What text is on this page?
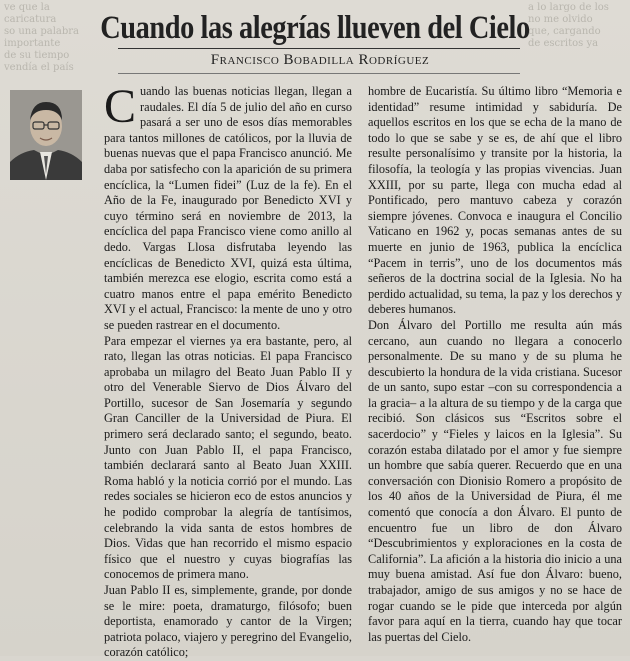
ve que la caricatura
so una palabra
importante
de su tiempo
vendía el país
a lo largo de los
no me olvido
que, cargando
de escritos ya
Cuando las alegrías llueven del Cielo
Francisco Bobadilla Rodríguez

Cuando las buenas noticias llegan, llegan a raudales. El día 5 de julio del año en curso pasará a ser uno de esos días memorables para tantos millones de católicos, por la lluvia de buenas nuevas que el papa Francisco anunció. Me daba por satisfecho con la aparición de su primera encíclica, la “Lumen fidei” (Luz de la fe). En el Año de la Fe, inaugurado por Benedicto XVI y cuyo término será en noviembre de 2013, la encíclica del papa Francisco viene como anillo al dedo. Vargas Llosa disfrutaba leyendo las encíclicas de Benedicto XVI, quizá esta última, también merezca ese elogio, escrita como está a cuatro manos entre el papa emérito Benedicto XVI y el actual, Francisco: la mente de uno y otro se pueden rastrear en el documento.

Para empezar el viernes ya era bastante, pero, al rato, llegan las otras noticias. El papa Francisco aprobaba un milagro del Beato Juan Pablo II y otro del Venerable Siervo de Dios Álvaro del Portillo, sucesor de San Josemaría y segundo Gran Canciller de la Universidad de Piura. El primero será declarado santo; el segundo, beato. Junto con Juan Pablo II, el papa Francisco, también declarará santo al Beato Juan XXIII. Roma habló y la noticia corrió por el mundo. Las redes sociales se hicieron eco de estos anuncios y he podido comprobar la alegría de tantísimos, celebrando la vida santa de estos hombres de Dios. Vidas que han recorrido el mismo espacio físico que el nuestro y cuyas biografías las conocemos de primera mano.

Juan Pablo II es, simplemente, grande, por donde se le mire: poeta, dramaturgo, filósofo; buen deportista, enamorado y cantor de la Virgen; patriota polaco, viajero y peregrino del Evangelio, corazón católico;

hombre de Eucaristía. Su último libro “Memoria e identidad” resume intimidad y sabiduría. De aquellos escritos en los que se echa de la mano de todo lo que se sabe y se es, de ahí que el libro resulte personalísimo y transite por la historia, la filosofía, la teología y las propias vivencias. Juan XXIII, por su parte, llega con mucha edad al Pontificado, pero mantuvo cabeza y corazón siempre jóvenes. Convoca e inaugura el Concilio Vaticano en 1962 y, pocas semanas antes de su muerte en junio de 1963, publica la encíclica “Pacem in terris”, uno de los documentos más señeros de la doctrina social de la Iglesia. No ha perdido actualidad, su tema, la paz y los derechos y deberes humanos.

Don Álvaro del Portillo me resulta aún más cercano, aun cuando no llegara a conocerlo personalmente. De su mano y de su pluma he descubierto la hondura de la vida cristiana. Sucesor de un santo, supo estar –con su correspondencia a la gracia– a la altura de su tiempo y de la carga que recibió. Son clásicos sus “Escritos sobre el sacerdocio” y “Fieles y laicos en la Iglesia”. Su corazón estaba dilatado por el amor y fue siempre un hombre que sabía querer. Recuerdo que en una conversación con Dionisio Romero a propósito de los 40 años de la Universidad de Piura, él me comentó que conocía a don Álvaro. El punto de encuentro fue un libro de don Álvaro “Descubrimientos y exploraciones en la costa de California”. La afición a la historia dio inicio a una muy buena amistad. Así fue don Álvaro: bueno, trabajador, amigo de sus amigos y no se hace de rogar cuando se le pide que interceda por algún favor para aquí en la tierra, cuando hay que tocar las puertas del Cielo.
